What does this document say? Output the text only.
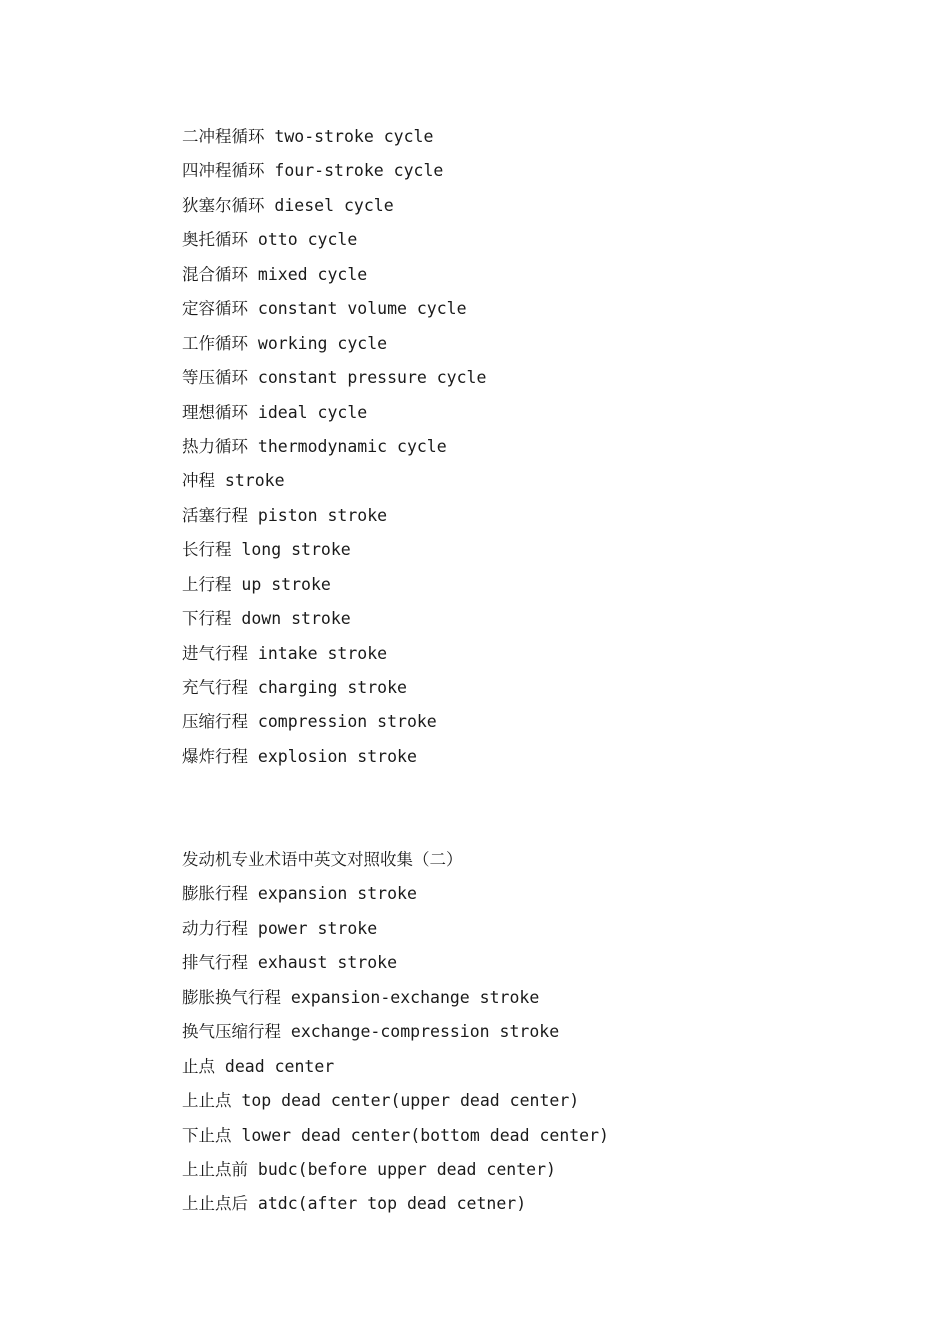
二冲程循环 two-stroke cycle
四冲程循环 four-stroke cycle
狄塞尔循环 diesel cycle
奥托循环 otto cycle
混合循环 mixed cycle
定容循环 constant volume cycle
工作循环 working cycle
等压循环 constant pressure cycle
理想循环 ideal cycle
热力循环 thermodynamic cycle
冲程 stroke
活塞行程 piston stroke
长行程 long stroke
上行程 up stroke
下行程 down stroke
进气行程 intake stroke
充气行程 charging stroke
压缩行程 compression stroke
爆炸行程 explosion stroke
发动机专业术语中英文对照收集（二）
膨胀行程 expansion stroke
动力行程 power stroke
排气行程 exhaust stroke
膨胀换气行程 expansion-exchange stroke
换气压缩行程 exchange-compression stroke
止点 dead center
上止点 top dead center(upper dead center)
下止点 lower dead center(bottom dead center)
上止点前 budc(before upper dead center)
上止点后 atdc(after top dead cetner)
